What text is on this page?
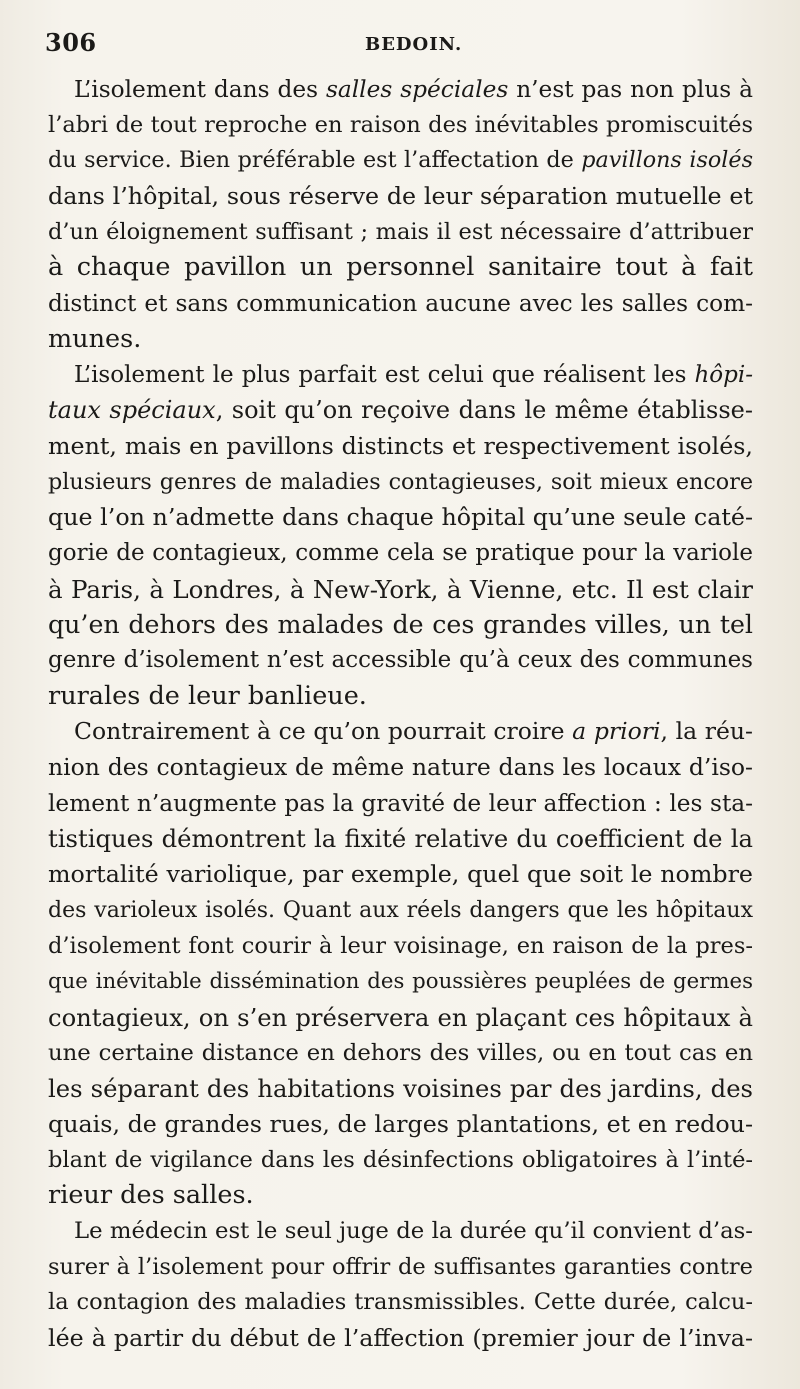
306	BEDOIN.
L’isolement dans des salles spéciales n’est pas non plus à
l’abri de tout reproche en raison des inévitables promiscuités
du service. Bien préférable est l’affectation de pavillons isolés
dans l’hôpital, sous réserve de leur séparation mutuelle et
d’un éloignement suffisant ; mais il est nécessaire d’attribuer
à chaque pavillon un personnel sanitaire tout à fait
distinct et sans communication aucune avec les salles com-
munes.
L’isolement le plus parfait est celui que réalisent les hôpi-
taux spéciaux, soit qu’on reçoive dans le même établisse-
ment, mais en pavillons distincts et respectivement isolés,
plusieurs genres de maladies contagieuses, soit mieux encore
que l’on n’admette dans chaque hôpital qu’une seule caté-
gorie de contagieux, comme cela se pratique pour la variole
à Paris, à Londres, à New-York, à Vienne, etc. Il est clair
qu’en dehors des malades de ces grandes villes, un tel
genre d’isolement n’est accessible qu’à ceux des communes
rurales de leur banlieue.
Contrairement à ce qu’on pourrait croire a priori, la réu-
nion des contagieux de même nature dans les locaux d’iso-
lement n’augmente pas la gravité de leur affection : les sta-
tistiques démontrent la fixité relative du coefficient de la
mortalité variolique, par exemple, quel que soit le nombre
des varioleux isolés. Quant aux réels dangers que les hôpitaux
d’isolement font courir à leur voisinage, en raison de la pres-
que inévitable dissémination des poussières peuplées de germes
contagieux, on s’en préservera en plaçant ces hôpitaux à
une certaine distance en dehors des villes, ou en tout cas en
les séparant des habitations voisines par des jardins, des
quais, de grandes rues, de larges plantations, et en redou-
blant de vigilance dans les désinfections obligatoires à l’inté-
rieur des salles.
Le médecin est le seul juge de la durée qu’il convient d’as-
surer à l’isolement pour offrir de suffisantes garanties contre
la contagion des maladies transmissibles. Cette durée, calcu-
lée à partir du début de l’affection (premier jour de l’inva-
